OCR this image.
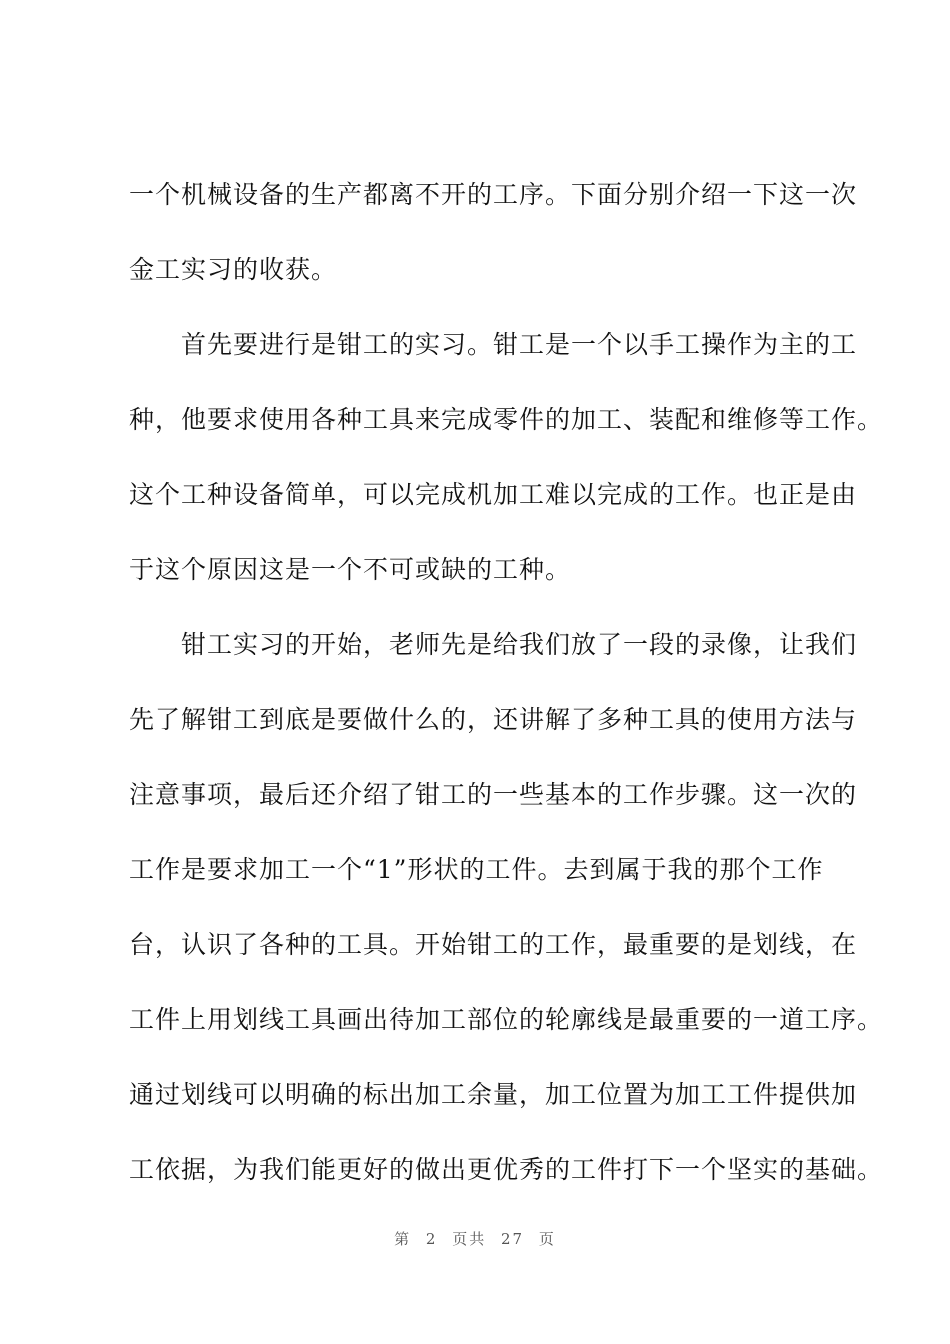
一个机械设备的生产都离不开的工序。下面分别介绍一下这一次
金工实习的收获。
　　首先要进行是钳工的实习。钳工是一个以手工操作为主的工
种，他要求使用各种工具来完成零件的加工、装配和维修等工作。
这个工种设备简单，可以完成机加工难以完成的工作。也正是由
于这个原因这是一个不可或缺的工种。
　　钳工实习的开始，老师先是给我们放了一段的录像，让我们
先了解钳工到底是要做什么的，还讲解了多种工具的使用方法与
注意事项，最后还介绍了钳工的一些基本的工作步骤。这一次的
工作是要求加工一个“1”形状的工件。去到属于我的那个工作
台，认识了各种的工具。开始钳工的工作，最重要的是划线，在
工件上用划线工具画出待加工部位的轮廓线是最重要的一道工序。
通过划线可以明确的标出加工余量，加工位置为加工工件提供加
工依据，为我们能更好的做出更优秀的工件打下一个坚实的基础。
第 2 页共 27 页
